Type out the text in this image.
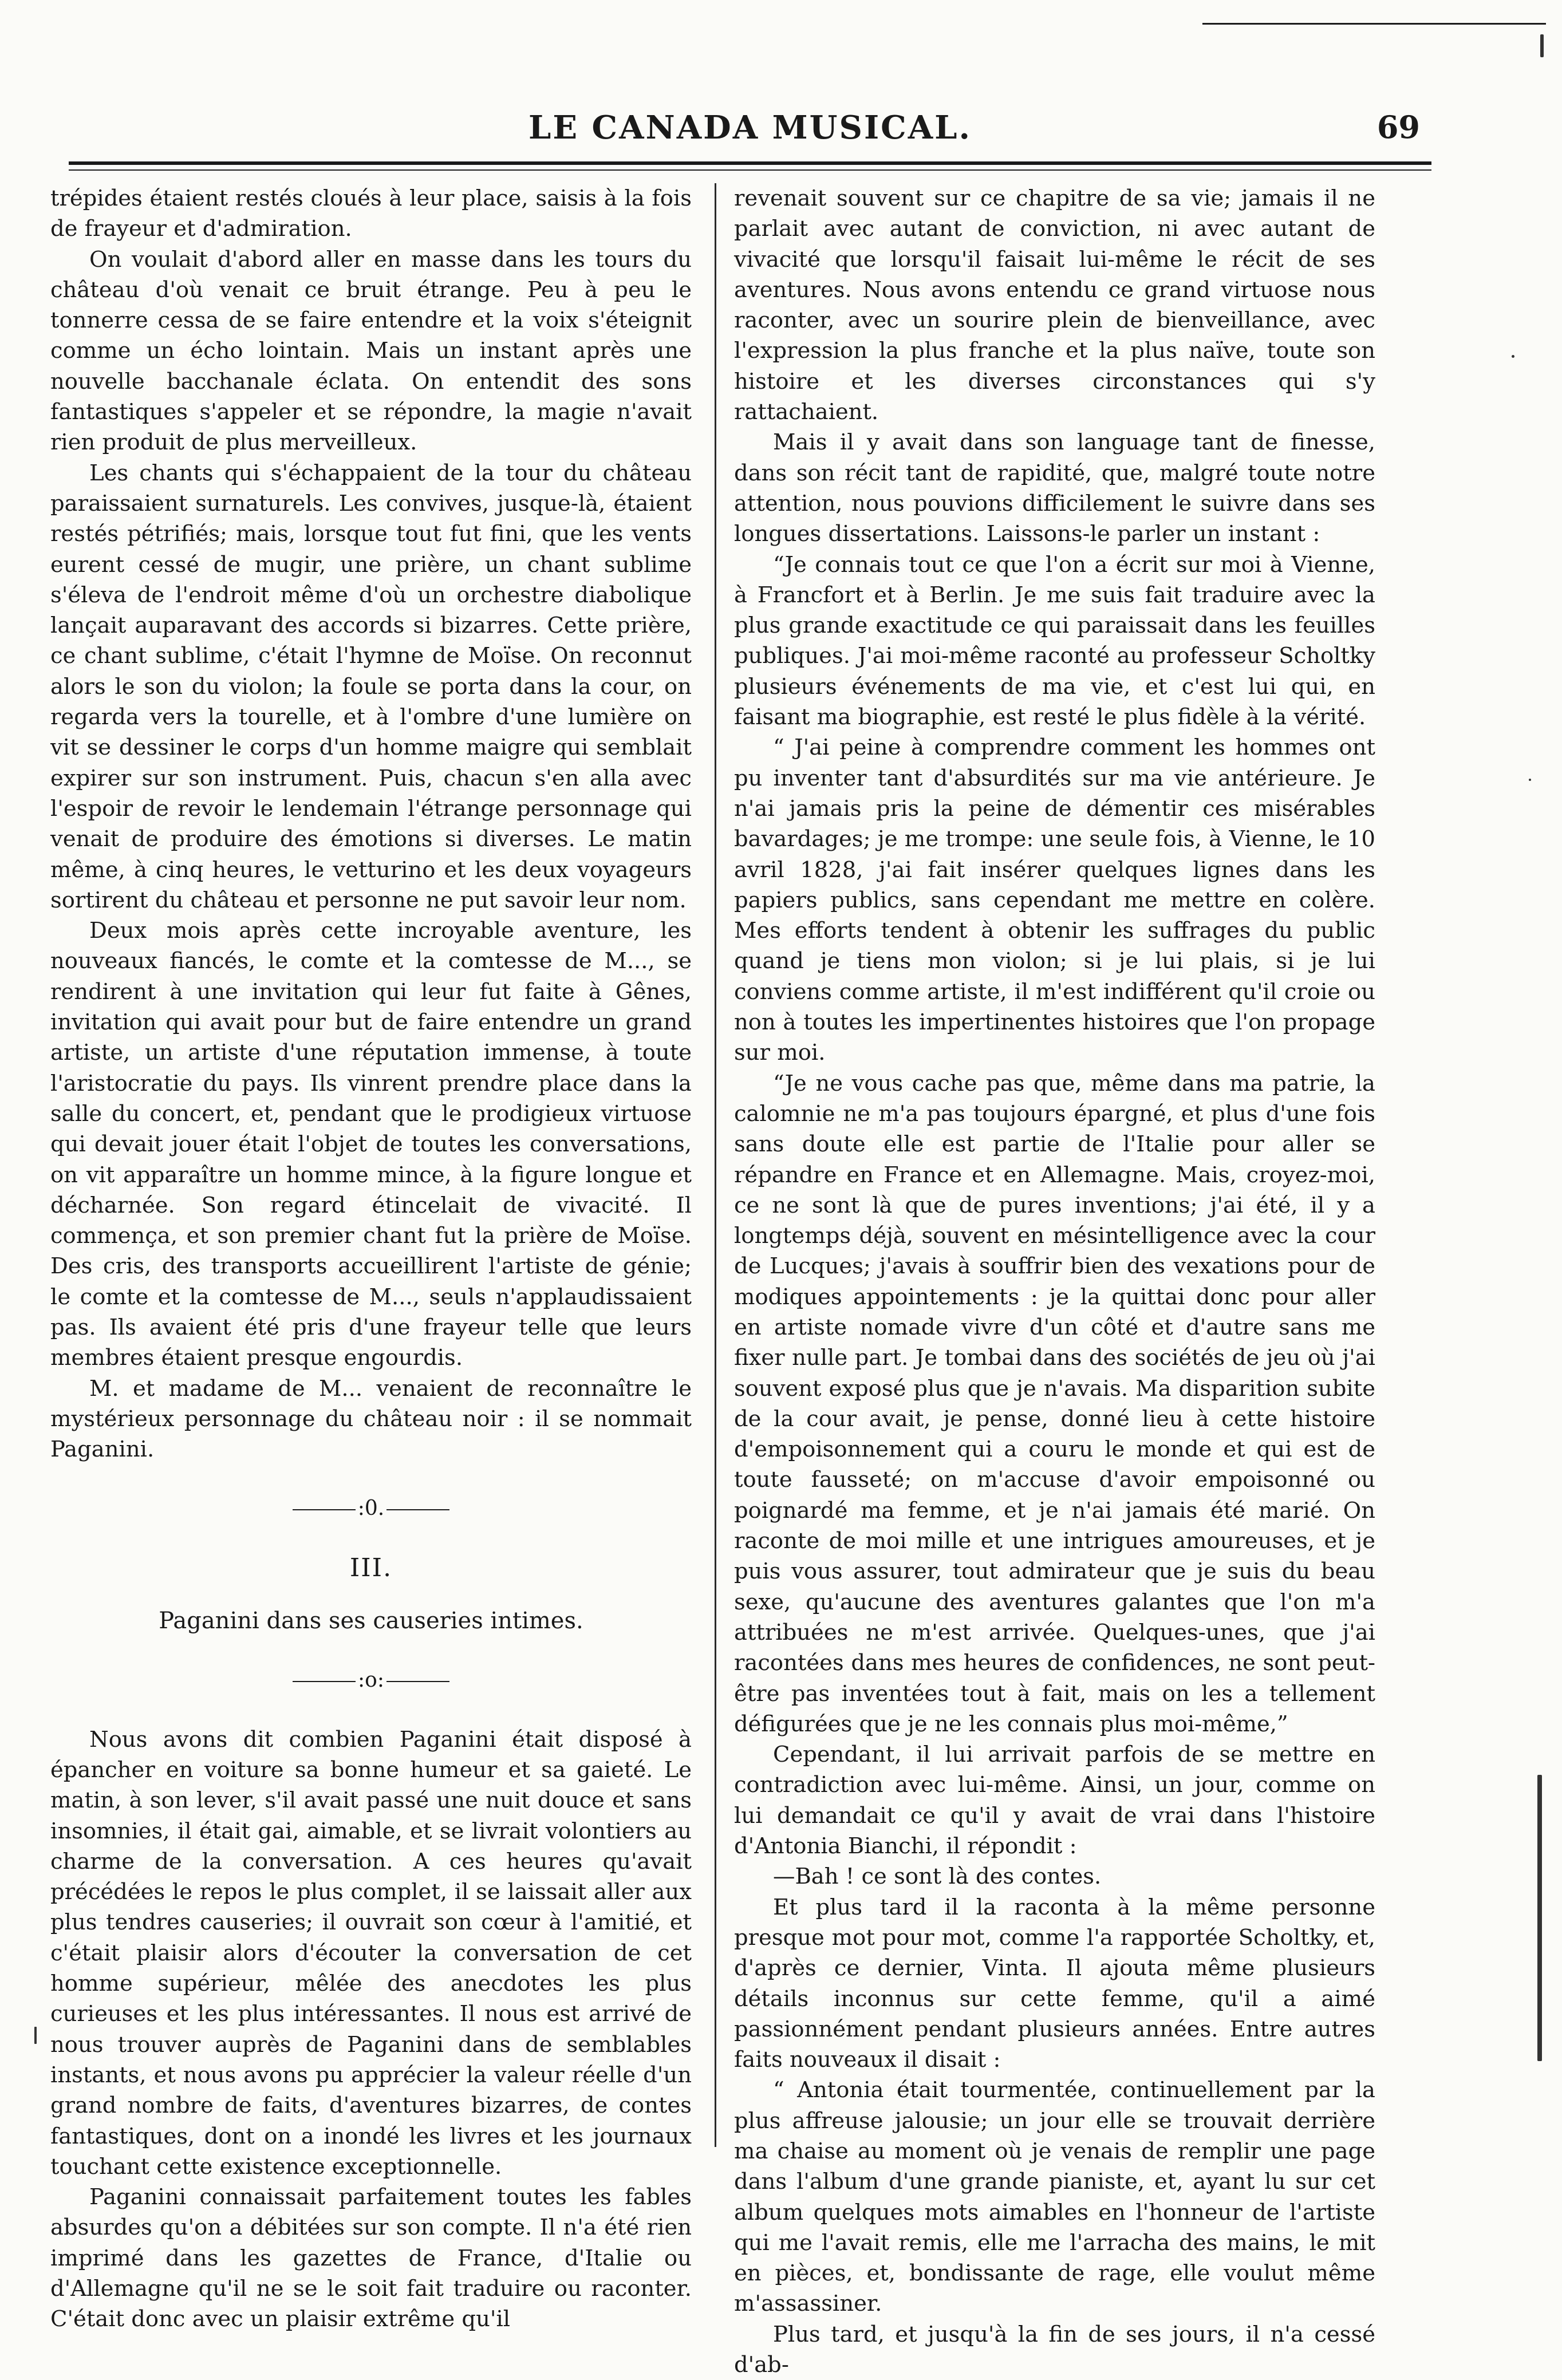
LE CANADA MUSICAL.	69

trépides étaient restés cloués à leur place, saisis à la fois de frayeur et d'admiration.

On voulait d'abord aller en masse dans les tours du château d'où venait ce bruit étrange. Peu à peu le tonnerre cessa de se faire entendre et la voix s'éteignit comme un écho lointain. Mais un instant après une nouvelle bacchanale éclata. On entendit des sons fantastiques s'appeler et se répondre, la magie n'avait rien produit de plus merveilleux.

Les chants qui s'échappaient de la tour du château paraissaient surnaturels. Les convives, jusque-là, étaient restés pétrifiés; mais, lorsque tout fut fini, que les vents eurent cessé de mugir, une prière, un chant sublime s'éleva de l'endroit même d'où un orchestre diabolique lançait auparavant des accords si bizarres. Cette prière, ce chant sublime, c'était l'hymne de Moïse. On reconnut alors le son du violon; la foule se porta dans la cour, on regarda vers la tourelle, et à l'ombre d'une lumière on vit se dessiner le corps d'un homme maigre qui semblait expirer sur son instrument. Puis, chacun s'en alla avec l'espoir de revoir le lendemain l'étrange personnage qui venait de produire des émotions si diverses. Le matin même, à cinq heures, le vetturino et les deux voyageurs sortirent du château et personne ne put savoir leur nom.

Deux mois après cette incroyable aventure, les nouveaux fiancés, le comte et la comtesse de M..., se rendirent à une invitation qui leur fut faite à Gênes, invitation qui avait pour but de faire entendre un grand artiste, un artiste d'une réputation immense, à toute l'aristocratie du pays. Ils vinrent prendre place dans la salle du concert, et, pendant que le prodigieux virtuose qui devait jouer était l'objet de toutes les conversations, on vit apparaître un homme mince, à la figure longue et décharnée. Son regard étincelait de vivacité. Il commença, et son premier chant fut la prière de Moïse. Des cris, des transports accueillirent l'artiste de génie; le comte et la comtesse de M..., seuls n'applaudissaient pas. Ils avaient été pris d'une frayeur telle que leurs membres étaient presque engourdis.

M. et madame de M... venaient de reconnaître le mystérieux personnage du château noir : il se nommait Paganini.

:0.
III.
Paganini dans ses causeries intimes.
:o:

Nous avons dit combien Paganini était disposé à épancher en voiture sa bonne humeur et sa gaieté. Le matin, à son lever, s'il avait passé une nuit douce et sans insomnies, il était gai, aimable, et se livrait volontiers au charme de la conversation. A ces heures qu'avait précédées le repos le plus complet, il se laissait aller aux plus tendres causeries; il ouvrait son cœur à l'amitié, et c'était plaisir alors d'écouter la conversation de cet homme supérieur, mêlée des anecdotes les plus curieuses et les plus intéressantes. Il nous est arrivé de nous trouver auprès de Paganini dans de semblables instants, et nous avons pu apprécier la valeur réelle d'un grand nombre de faits, d'aventures bizarres, de contes fantastiques, dont on a inondé les livres et les journaux touchant cette existence exceptionnelle.

Paganini connaissait parfaitement toutes les fables absurdes qu'on a débitées sur son compte. Il n'a été rien imprimé dans les gazettes de France, d'Italie ou d'Allemagne qu'il ne se le soit fait traduire ou raconter. C'était donc avec un plaisir extrême qu'il

revenait souvent sur ce chapitre de sa vie; jamais il ne parlait avec autant de conviction, ni avec autant de vivacité que lorsqu'il faisait lui-même le récit de ses aventures. Nous avons entendu ce grand virtuose nous raconter, avec un sourire plein de bienveillance, avec l'expression la plus franche et la plus naïve, toute son histoire et les diverses circonstances qui s'y rattachaient.

Mais il y avait dans son language tant de finesse, dans son récit tant de rapidité, que, malgré toute notre attention, nous pouvions difficilement le suivre dans ses longues dissertations. Laissons-le parler un instant :

“Je connais tout ce que l'on a écrit sur moi à Vienne, à Francfort et à Berlin. Je me suis fait traduire avec la plus grande exactitude ce qui paraissait dans les feuilles publiques. J'ai moi-même raconté au professeur Scholtky plusieurs événements de ma vie, et c'est lui qui, en faisant ma biographie, est resté le plus fidèle à la vérité.

“ J'ai peine à comprendre comment les hommes ont pu inventer tant d'absurdités sur ma vie antérieure. Je n'ai jamais pris la peine de démentir ces misérables bavardages; je me trompe: une seule fois, à Vienne, le 10 avril 1828, j'ai fait insérer quelques lignes dans les papiers publics, sans cependant me mettre en colère. Mes efforts tendent à obtenir les suffrages du public quand je tiens mon violon; si je lui plais, si je lui conviens comme artiste, il m'est indifférent qu'il croie ou non à toutes les impertinentes histoires que l'on propage sur moi.

“Je ne vous cache pas que, même dans ma patrie, la calomnie ne m'a pas toujours épargné, et plus d'une fois sans doute elle est partie de l'Italie pour aller se répandre en France et en Allemagne. Mais, croyez-moi, ce ne sont là que de pures inventions; j'ai été, il y a longtemps déjà, souvent en mésintelligence avec la cour de Lucques; j'avais à souffrir bien des vexations pour de modiques appointements : je la quittai donc pour aller en artiste nomade vivre d'un côté et d'autre sans me fixer nulle part. Je tombai dans des sociétés de jeu où j'ai souvent exposé plus que je n'avais. Ma disparition subite de la cour avait, je pense, donné lieu à cette histoire d'empoisonnement qui a couru le monde et qui est de toute fausseté; on m'accuse d'avoir empoisonné ou poignardé ma femme, et je n'ai jamais été marié. On raconte de moi mille et une intrigues amoureuses, et je puis vous assurer, tout admirateur que je suis du beau sexe, qu'aucune des aventures galantes que l'on m'a attribuées ne m'est arrivée. Quelques-unes, que j'ai racontées dans mes heures de confidences, ne sont peut-être pas inventées tout à fait, mais on les a tellement défigurées que je ne les connais plus moi-même,”

Cependant, il lui arrivait parfois de se mettre en contradiction avec lui-même. Ainsi, un jour, comme on lui demandait ce qu'il y avait de vrai dans l'histoire d'Antonia Bianchi, il répondit :

—Bah ! ce sont là des contes.

Et plus tard il la raconta à la même personne presque mot pour mot, comme l'a rapportée Scholtky, et, d'après ce dernier, Vinta. Il ajouta même plusieurs détails inconnus sur cette femme, qu'il a aimé passionnément pendant plusieurs années. Entre autres faits nouveaux il disait :

“ Antonia était tourmentée, continuellement par la plus affreuse jalousie; un jour elle se trouvait derrière ma chaise au moment où je venais de remplir une page dans l'album d'une grande pianiste, et, ayant lu sur cet album quelques mots aimables en l'honneur de l'artiste qui me l'avait remis, elle me l'arracha des mains, le mit en pièces, et, bondissante de rage, elle voulut même m'assassiner.

Plus tard, et jusqu'à la fin de ses jours, il n'a cessé d'ab-
